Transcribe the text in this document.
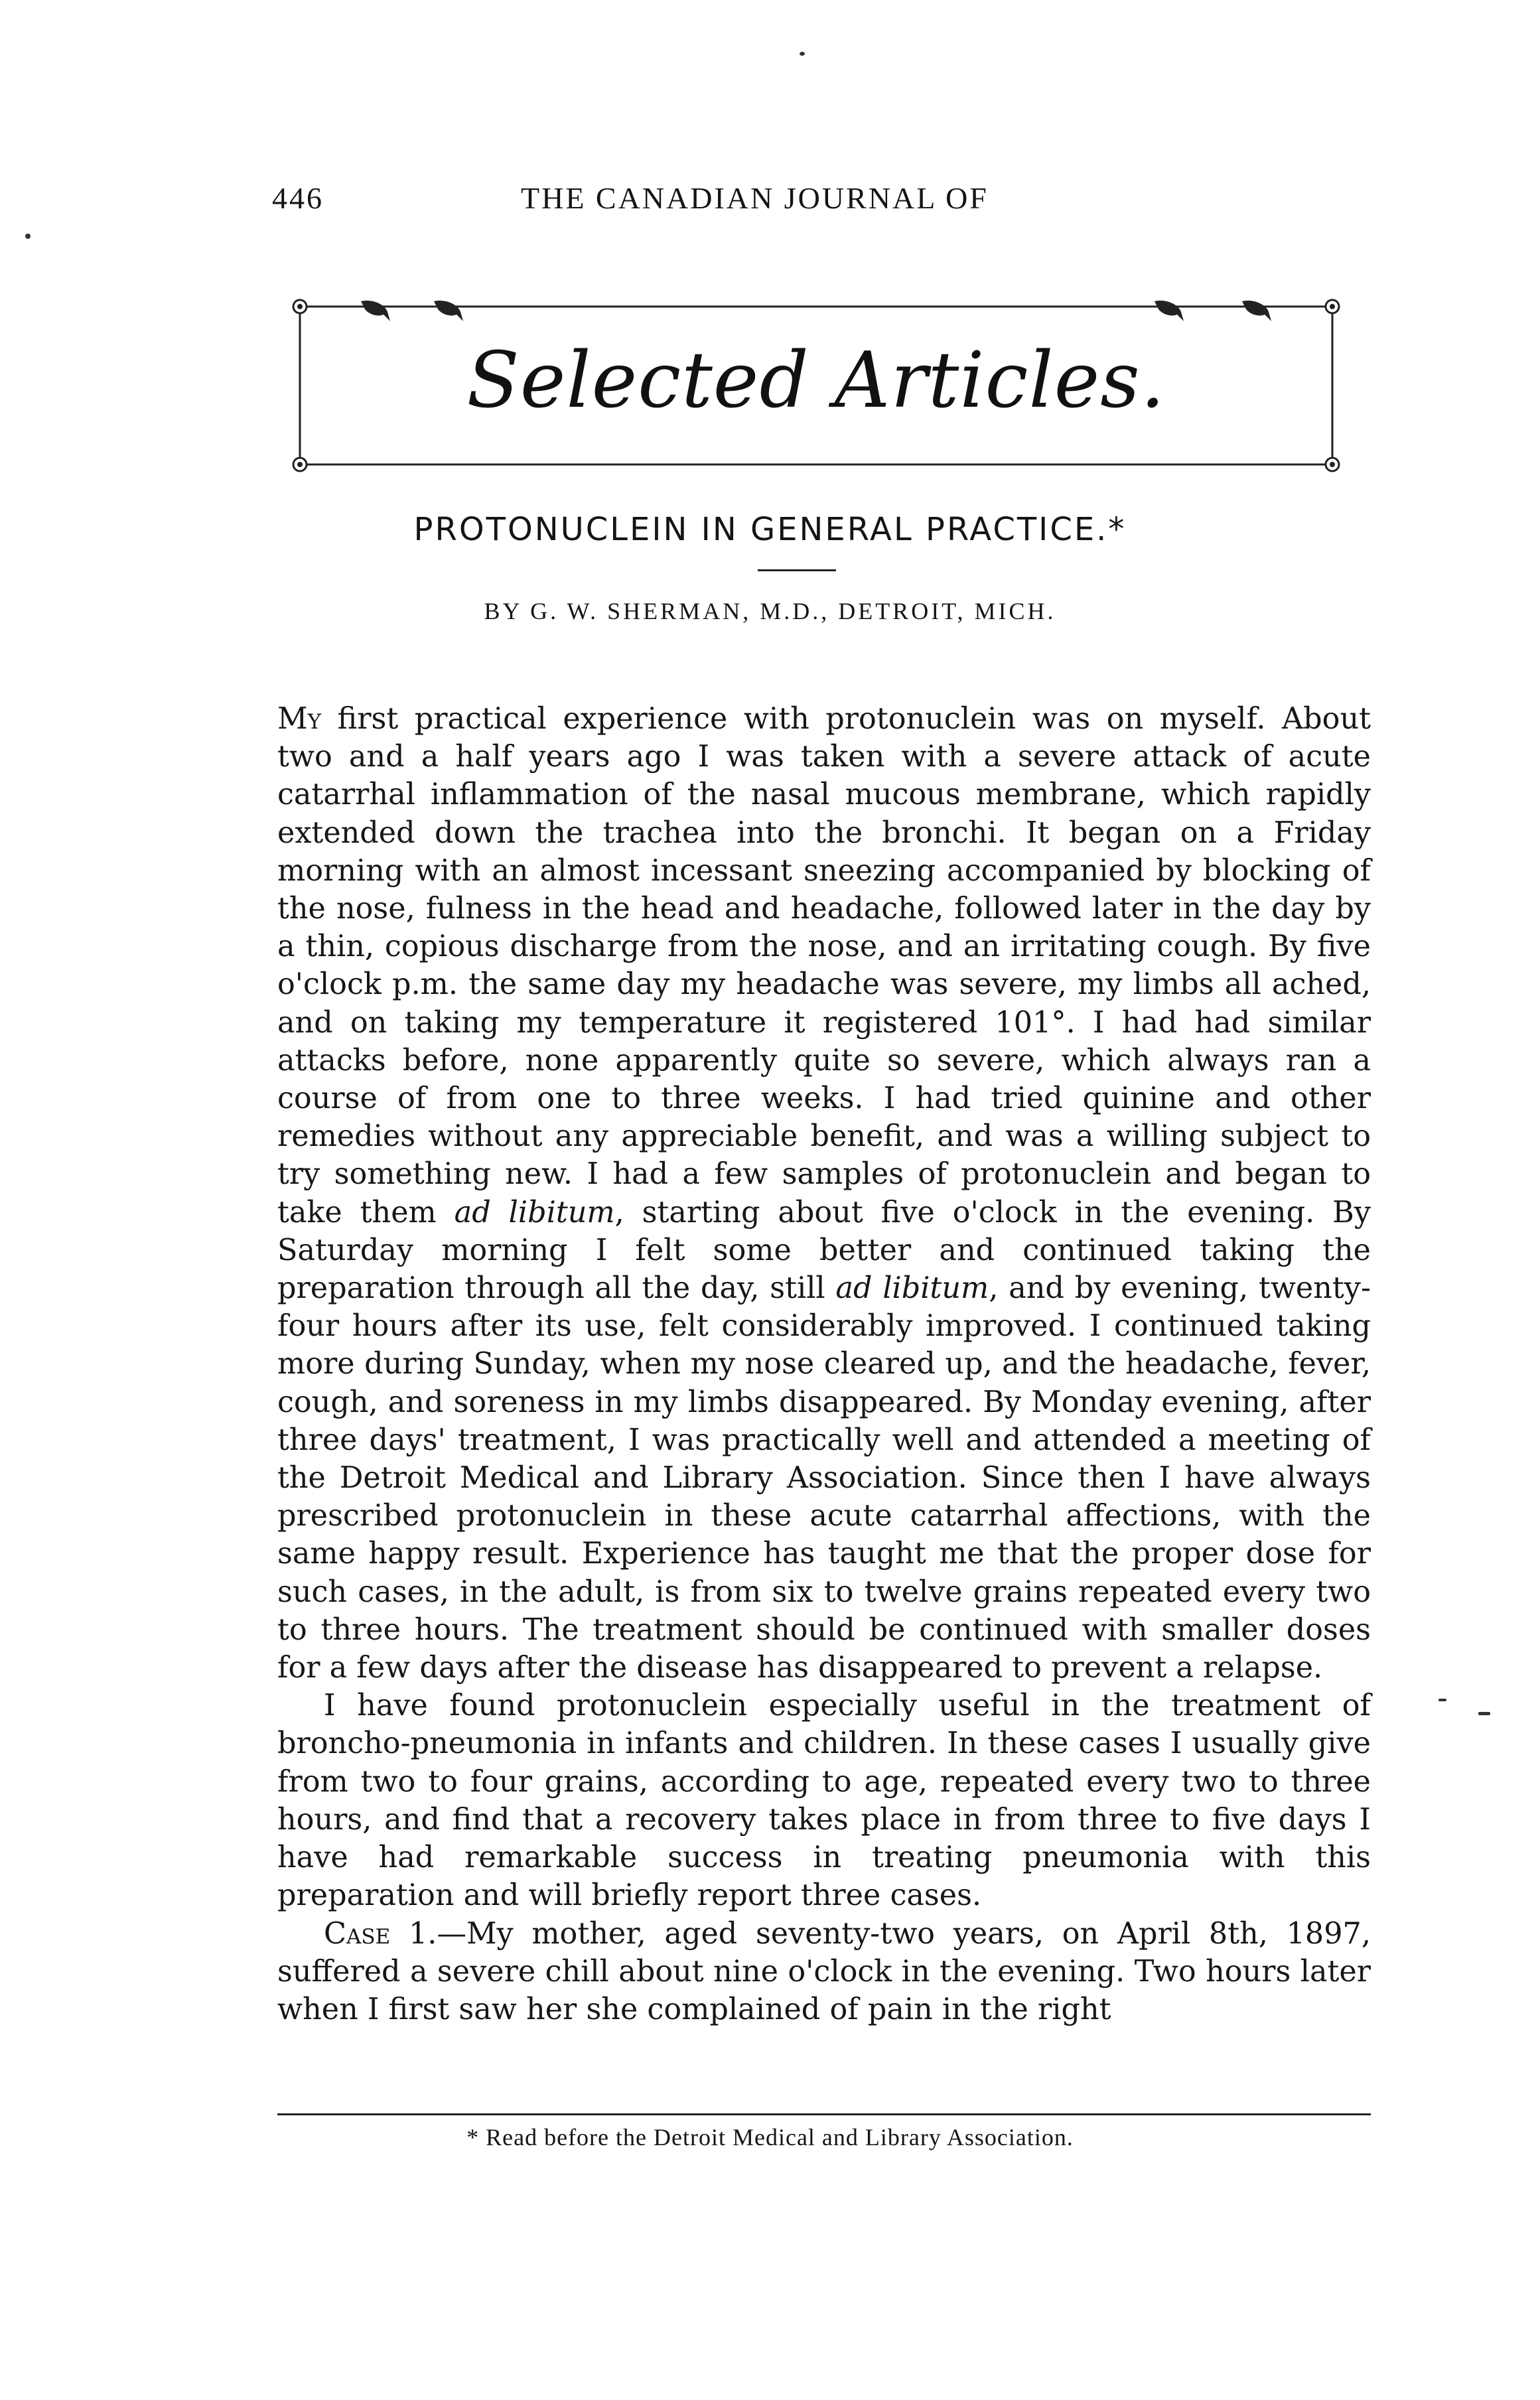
446	THE CANADIAN JOURNAL OF
Selected Articles.
PROTONUCLEIN IN GENERAL PRACTICE.*
BY G. W. SHERMAN, M.D., DETROIT, MICH.

My first practical experience with protonuclein was on myself. About two and a half years ago I was taken with a severe attack of acute catarrhal inflammation of the nasal mucous membrane, which rapidly extended down the trachea into the bronchi. It began on a Friday morning with an almost incessant sneezing accompanied by blocking of the nose, fulness in the head and headache, followed later in the day by a thin, copious discharge from the nose, and an irritating cough. By five o'clock p.m. the same day my headache was severe, my limbs all ached, and on taking my temperature it registered 101°. I had had similar attacks before, none apparently quite so severe, which always ran a course of from one to three weeks. I had tried quinine and other remedies without any appreciable benefit, and was a willing subject to try something new. I had a few samples of protonuclein and began to take them ad libitum, starting about five o'clock in the evening. By Saturday morning I felt some better and continued taking the preparation through all the day, still ad libitum, and by evening, twenty-four hours after its use, felt considerably improved. I continued taking more during Sunday, when my nose cleared up, and the headache, fever, cough, and soreness in my limbs disappeared. By Monday evening, after three days' treatment, I was practically well and attended a meeting of the Detroit Medical and Library Association. Since then I have always prescribed protonuclein in these acute catarrhal affections, with the same happy result. Experience has taught me that the proper dose for such cases, in the adult, is from six to twelve grains repeated every two to three hours. The treatment should be continued with smaller doses for a few days after the disease has disappeared to prevent a relapse.

I have found protonuclein especially useful in the treatment of broncho-pneumonia in infants and children. In these cases I usually give from two to four grains, according to age, repeated every two to three hours, and find that a recovery takes place in from three to five days I have had remarkable success in treating pneumonia with this preparation and will briefly report three cases.

Case 1.—My mother, aged seventy-two years, on April 8th, 1897, suffered a severe chill about nine o'clock in the evening. Two hours later when I first saw her she complained of pain in the right

* Read before the Detroit Medical and Library Association.
